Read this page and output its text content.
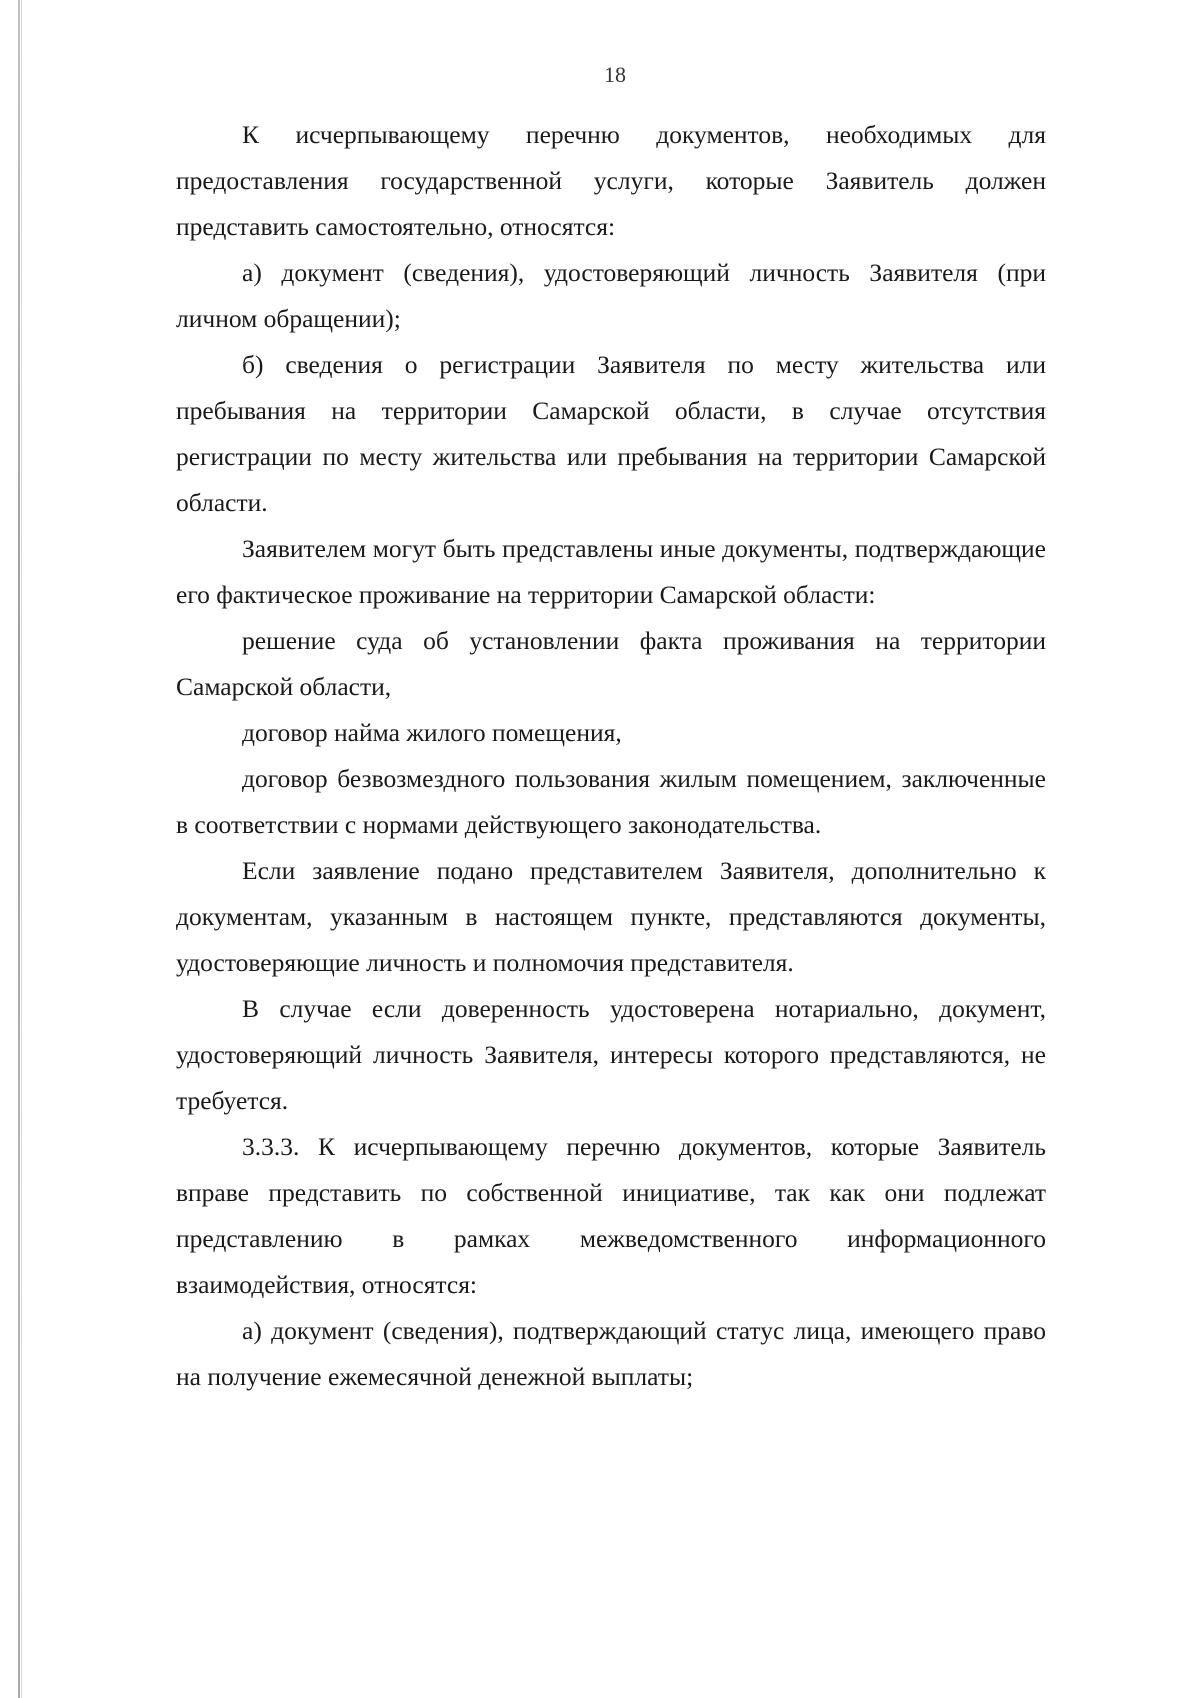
18

К исчерпывающему перечню документов, необходимых для предоставления государственной услуги, которые Заявитель должен представить самостоятельно, относятся:

а) документ (сведения), удостоверяющий личность Заявителя (при личном обращении);

б) сведения о регистрации Заявителя по месту жительства или пребывания на территории Самарской области, в случае отсутствия регистрации по месту жительства или пребывания на территории Самарской области.

Заявителем могут быть представлены иные документы, подтверждающие его фактическое проживание на территории Самарской области:

решение суда об установлении факта проживания на территории Самарской области,

договор найма жилого помещения,

договор безвозмездного пользования жилым помещением, заключенные в соответствии с нормами действующего законодательства.

Если заявление подано представителем Заявителя, дополнительно к документам, указанным в настоящем пункте, представляются документы, удостоверяющие личность и полномочия представителя.

В случае если доверенность удостоверена нотариально, документ, удостоверяющий личность Заявителя, интересы которого представляются, не требуется.

3.3.3. К исчерпывающему перечню документов, которые Заявитель вправе представить по собственной инициативе, так как они подлежат представлению в рамках межведомственного информационного взаимодействия, относятся:

а) документ (сведения), подтверждающий статус лица, имеющего право на получение ежемесячной денежной выплаты;
